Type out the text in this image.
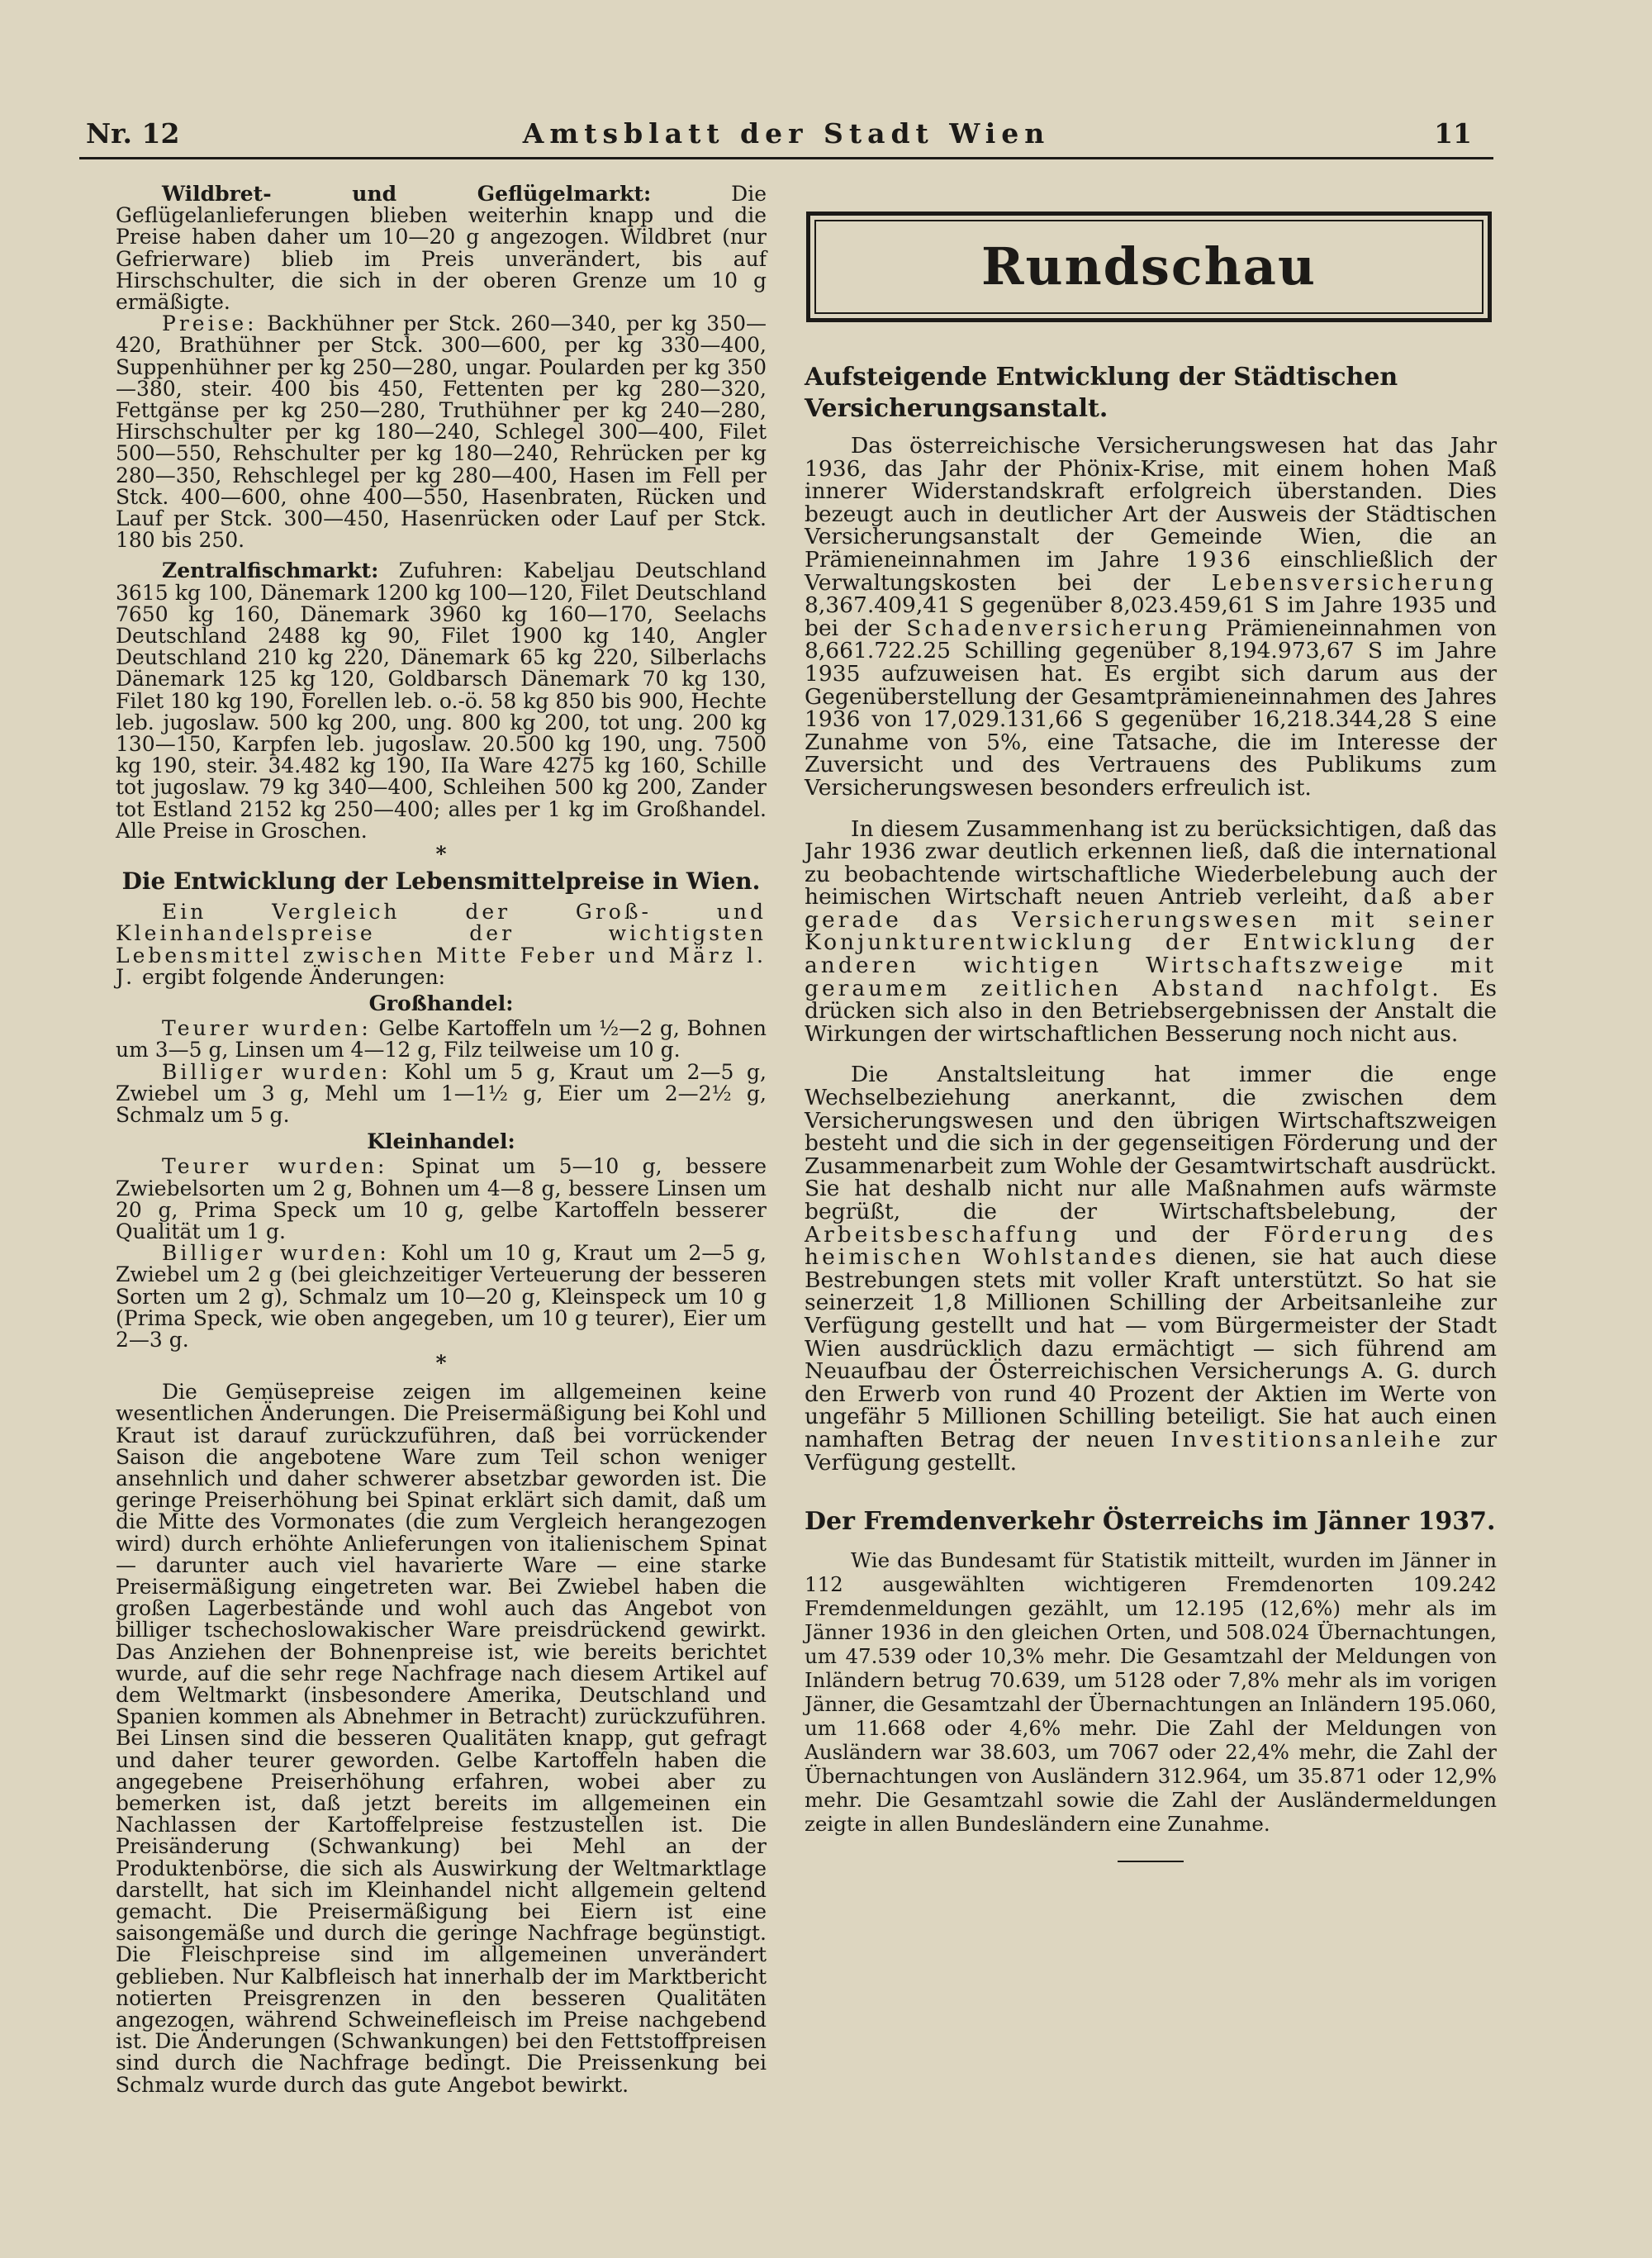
Nr. 12	Amtsblatt der Stadt Wien	11

Wildbret- und Geflügelmarkt:	Die Geflügelanlieferungen blieben weiterhin knapp und die Preise haben daher um 10—20 g angezogen. Wildbret (nur Gefrierware) blieb im Preis unverändert, bis auf Hirschschulter, die sich in der oberen Grenze um 10 g ermäßigte.

Preise: Backhühner per Stck. 260—340, per kg 350—420, Brathühner per Stck. 300—600, per kg 330—400, Suppenhühner per kg 250—280, ungar. Poularden per kg 350—380, steir. 400 bis 450, Fettenten per kg 280—320, Fettgänse per kg 250—280, Truthühner per kg 240—280, Hirschschulter per kg 180—240, Schlegel 300—400, Filet 500—550, Rehschulter per kg 180—240, Rehrücken per kg 280—350, Rehschlegel per kg 280—400, Hasen im Fell per Stck. 400—600, ohne 400—550, Hasenbraten, Rücken und Lauf per Stck. 300—450, Hasenrücken oder Lauf per Stck. 180 bis 250.

Zentralfischmarkt: Zufuhren: Kabeljau Deutschland 3615 kg 100, Dänemark 1200 kg 100—120, Filet Deutschland 7650 kg 160, Dänemark 3960 kg 160—170, Seelachs Deutschland 2488 kg 90, Filet 1900 kg 140, Angler Deutschland 210 kg 220, Dänemark 65 kg 220, Silberlachs Dänemark 125 kg 120, Goldbarsch Dänemark 70 kg 130, Filet 180 kg 190, Forellen leb. o.-ö. 58 kg 850 bis 900, Hechte leb. jugoslaw. 500 kg 200, ung. 800 kg 200, tot ung. 200 kg 130—150, Karpfen leb. jugoslaw. 20.500 kg 190, ung. 7500 kg 190, steir. 34.482 kg 190, IIa Ware 4275 kg 160, Schille tot jugoslaw. 79 kg 340—400, Schleihen 500 kg 200, Zander tot Estland 2152 kg 250—400; alles per 1 kg im Großhandel. Alle Preise in Groschen.

*

Die Entwicklung der Lebensmittelpreise in Wien.

Ein Vergleich der Groß- und Kleinhandelspreise der wichtigsten Lebensmittel zwischen Mitte Feber und März l. J. ergibt folgende Änderungen:

Großhandel:

Teurer wurden: Gelbe Kartoffeln um ½—2 g, Bohnen um 3—5 g, Linsen um 4—12 g, Filz teilweise um 10 g.

Billiger wurden: Kohl um 5 g, Kraut um 2—5 g, Zwiebel um 3 g, Mehl um 1—1½ g, Eier um 2—2½ g, Schmalz um 5 g.

Kleinhandel:

Teurer wurden: Spinat um 5—10 g, bessere Zwiebelsorten um 2 g, Bohnen um 4—8 g, bessere Linsen um 20 g, Prima Speck um 10 g, gelbe Kartoffeln besserer Qualität um 1 g.

Billiger wurden: Kohl um 10 g, Kraut um 2—5 g, Zwiebel um 2 g (bei gleichzeitiger Verteuerung der besseren Sorten um 2 g), Schmalz um 10—20 g, Kleinspeck um 10 g (Prima Speck, wie oben angegeben, um 10 g teurer), Eier um 2—3 g.

*

Die Gemüsepreise zeigen im allgemeinen keine wesentlichen Änderungen. Die Preisermäßigung bei Kohl und Kraut ist darauf zurückzuführen, daß bei vorrückender Saison die angebotene Ware zum Teil schon weniger ansehnlich und daher schwerer absetzbar geworden ist. Die geringe Preiserhöhung bei Spinat erklärt sich damit, daß um die Mitte des Vormonates (die zum Vergleich herangezogen wird) durch erhöhte Anlieferungen von italienischem Spinat — darunter auch viel havarierte Ware — eine starke Preisermäßigung eingetreten war. Bei Zwiebel haben die großen Lagerbestände und wohl auch das Angebot von billiger tschechoslowakischer Ware preisdrückend gewirkt. Das Anziehen der Bohnenpreise ist, wie bereits berichtet wurde, auf die sehr rege Nachfrage nach diesem Artikel auf dem Weltmarkt (insbesondere Amerika, Deutschland und Spanien kommen als Abnehmer in Betracht) zurückzuführen. Bei Linsen sind die besseren Qualitäten knapp, gut gefragt und daher teurer geworden. Gelbe Kartoffeln haben die angegebene Preiserhöhung erfahren, wobei aber zu bemerken ist, daß jetzt bereits im allgemeinen ein Nachlassen der Kartoffelpreise festzustellen ist. Die Preisänderung (Schwankung) bei Mehl an der Produktenbörse, die sich als Auswirkung der Weltmarktlage darstellt, hat sich im Kleinhandel nicht allgemein geltend gemacht. Die Preisermäßigung bei Eiern ist eine saisongemäße und durch die geringe Nachfrage begünstigt. Die Fleischpreise sind im allgemeinen unverändert geblieben. Nur Kalbfleisch hat innerhalb der im Marktbericht notierten Preisgrenzen in den besseren Qualitäten angezogen, während Schweinefleisch im Preise nachgebend ist. Die Änderungen (Schwankungen) bei den Fettstoffpreisen sind durch die Nachfrage bedingt. Die Preissenkung bei Schmalz wurde durch das gute Angebot bewirkt.

Rundschau

Aufsteigende Entwicklung der Städtischen Versicherungsanstalt.

Das österreichische Versicherungswesen hat das Jahr 1936, das Jahr der Phönix-Krise, mit einem hohen Maß innerer Widerstandskraft erfolgreich überstanden. Dies bezeugt auch in deutlicher Art der Ausweis der Städtischen Versicherungsanstalt der Gemeinde Wien, die an Prämieneinnahmen im Jahre 1936 einschließlich der Verwaltungskosten bei der Lebensversicherung 8,367.409,41 S gegenüber 8,023.459,61 S im Jahre 1935 und bei der Schadenversicherung Prämieneinnahmen von 8,661.722.25 Schilling gegenüber 8,194.973,67 S im Jahre 1935 aufzuweisen hat. Es ergibt sich darum aus der Gegenüberstellung der Gesamtprämieneinnahmen des Jahres 1936 von 17,029.131,66 S gegenüber 16,218.344,28 S eine Zunahme von 5%, eine Tatsache, die im Interesse der Zuversicht und des Vertrauens des Publikums zum Versicherungswesen besonders erfreulich ist.

In diesem Zusammenhang ist zu berücksichtigen, daß das Jahr 1936 zwar deutlich erkennen ließ, daß die international zu beobachtende wirtschaftliche Wiederbelebung auch der heimischen Wirtschaft neuen Antrieb verleiht, daß aber gerade das Versicherungswesen mit seiner Konjunkturentwicklung der Entwicklung der anderen wichtigen Wirtschaftszweige mit geraumem zeitlichen Abstand nachfolgt. Es drücken sich also in den Betriebsergebnissen der Anstalt die Wirkungen der wirtschaftlichen Besserung noch nicht aus.

Die Anstaltsleitung hat immer die enge Wechselbeziehung anerkannt, die zwischen dem Versicherungswesen und den übrigen Wirtschaftszweigen besteht und die sich in der gegenseitigen Förderung und der Zusammenarbeit zum Wohle der Gesamtwirtschaft ausdrückt. Sie hat deshalb nicht nur alle Maßnahmen aufs wärmste begrüßt, die der Wirtschaftsbelebung, der Arbeitsbeschaffung und der Förderung des heimischen Wohlstandes dienen, sie hat auch diese Bestrebungen stets mit voller Kraft unterstützt. So hat sie seinerzeit 1,8 Millionen Schilling der Arbeitsanleihe zur Verfügung gestellt und hat — vom Bürgermeister der Stadt Wien ausdrücklich dazu ermächtigt — sich führend am Neuaufbau der Österreichischen Versicherungs A. G. durch den Erwerb von rund 40 Prozent der Aktien im Werte von ungefähr 5 Millionen Schilling beteiligt. Sie hat auch einen namhaften Betrag der neuen Investitionsanleihe zur Verfügung gestellt.

Der Fremdenverkehr Österreichs im Jänner 1937.

Wie das Bundesamt für Statistik mitteilt, wurden im Jänner in 112 ausgewählten wichtigeren Fremdenorten 109.242 Fremdenmeldungen gezählt, um 12.195 (12,6%) mehr als im Jänner 1936 in den gleichen Orten, und 508.024 Übernachtungen, um 47.539 oder 10,3% mehr. Die Gesamtzahl der Meldungen von Inländern betrug 70.639, um 5128 oder 7,8% mehr als im vorigen Jänner, die Gesamtzahl der Übernachtungen an Inländern 195.060, um 11.668 oder 4,6% mehr. Die Zahl der Meldungen von Ausländern war 38.603, um 7067 oder 22,4% mehr, die Zahl der Übernachtungen von Ausländern 312.964, um 35.871 oder 12,9% mehr. Die Gesamtzahl sowie die Zahl der Ausländermeldungen zeigte in allen Bundesländern eine Zunahme.
